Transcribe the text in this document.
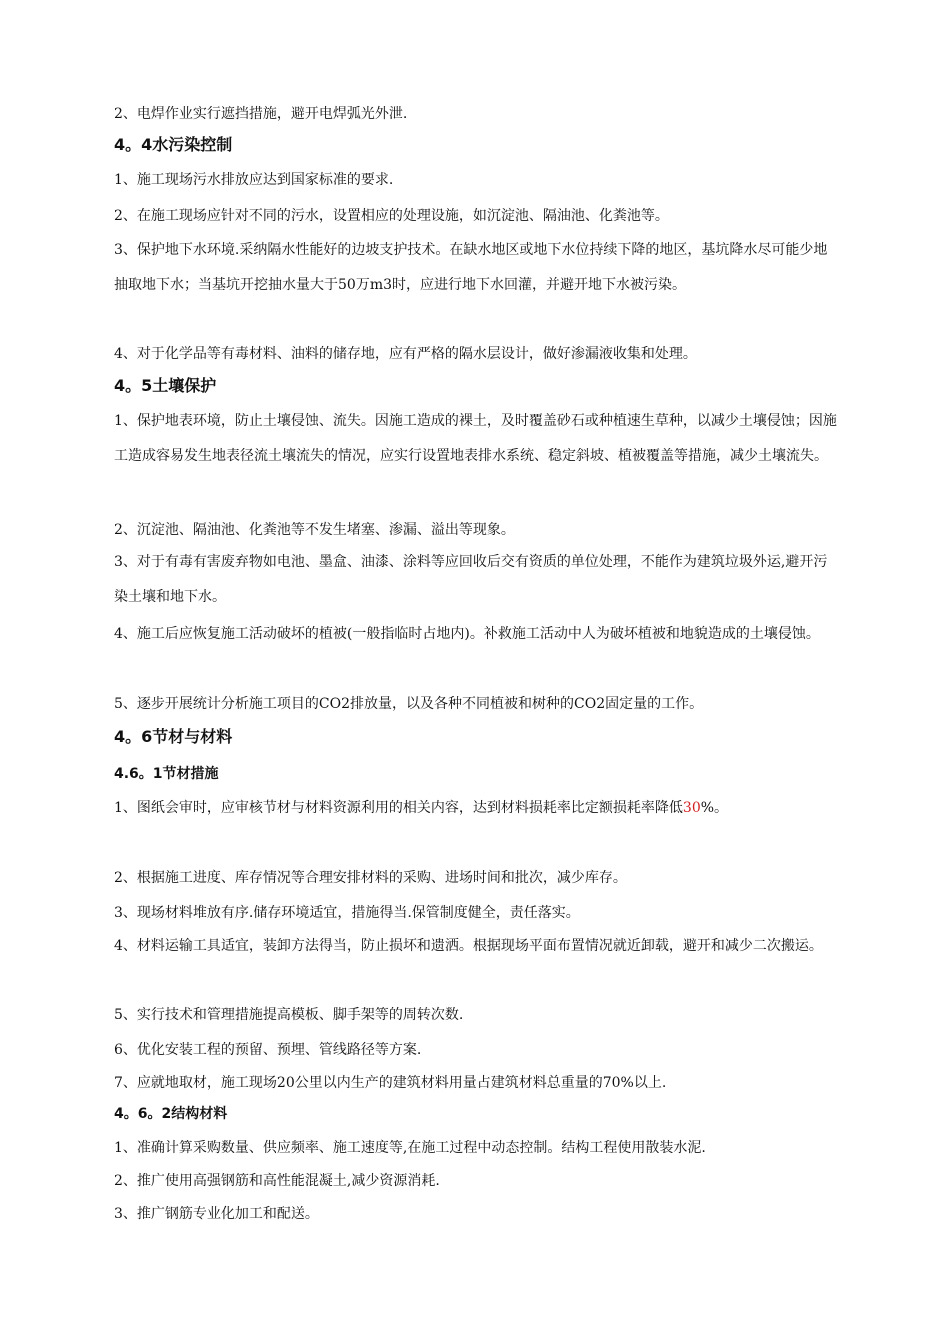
2、电焊作业实行遮挡措施，避开电焊弧光外泄.
4。4水污染控制
1、施工现场污水排放应达到国家标准的要求.
2、在施工现场应针对不同的污水，设置相应的处理设施，如沉淀池、隔油池、化粪池等。
3、保护地下水环境.采纳隔水性能好的边坡支护技术。在缺水地区或地下水位持续下降的地区，基坑降水尽可能少地抽取地下水；当基坑开挖抽水量大于50万m3时，应进行地下水回灌，并避开地下水被污染。
4、对于化学品等有毒材料、油料的储存地，应有严格的隔水层设计，做好渗漏液收集和处理。
4。5土壤保护
1、保护地表环境，防止土壤侵蚀、流失。因施工造成的裸土，及时覆盖砂石或种植速生草种，以减少土壤侵蚀；因施工造成容易发生地表径流土壤流失的情况，应实行设置地表排水系统、稳定斜坡、植被覆盖等措施，减少土壤流失。
2、沉淀池、隔油池、化粪池等不发生堵塞、渗漏、溢出等现象。
3、对于有毒有害废弃物如电池、墨盒、油漆、涂料等应回收后交有资质的单位处理，不能作为建筑垃圾外运,避开污染土壤和地下水。
4、施工后应恢复施工活动破坏的植被(一般指临时占地内)。补救施工活动中人为破坏植被和地貌造成的土壤侵蚀。
5、逐步开展统计分析施工项目的CO2排放量，以及各种不同植被和树种的CO2固定量的工作。
4。6节材与材料
4.6。1节材措施
1、图纸会审时，应审核节材与材料资源利用的相关内容，达到材料损耗率比定额损耗率降低30%。
2、根据施工进度、库存情况等合理安排材料的采购、进场时间和批次，减少库存。
3、现场材料堆放有序.储存环境适宜，措施得当.保管制度健全，责任落实。
4、材料运输工具适宜，装卸方法得当，防止损坏和遗洒。根据现场平面布置情况就近卸载，避开和减少二次搬运。
5、实行技术和管理措施提高模板、脚手架等的周转次数.
6、优化安装工程的预留、预埋、管线路径等方案.
7、应就地取材，施工现场20公里以内生产的建筑材料用量占建筑材料总重量的70%以上.
4。6。2结构材料
1、准确计算采购数量、供应频率、施工速度等,在施工过程中动态控制。结构工程使用散装水泥.
2、推广使用高强钢筋和高性能混凝土,减少资源消耗.
3、推广钢筋专业化加工和配送。
